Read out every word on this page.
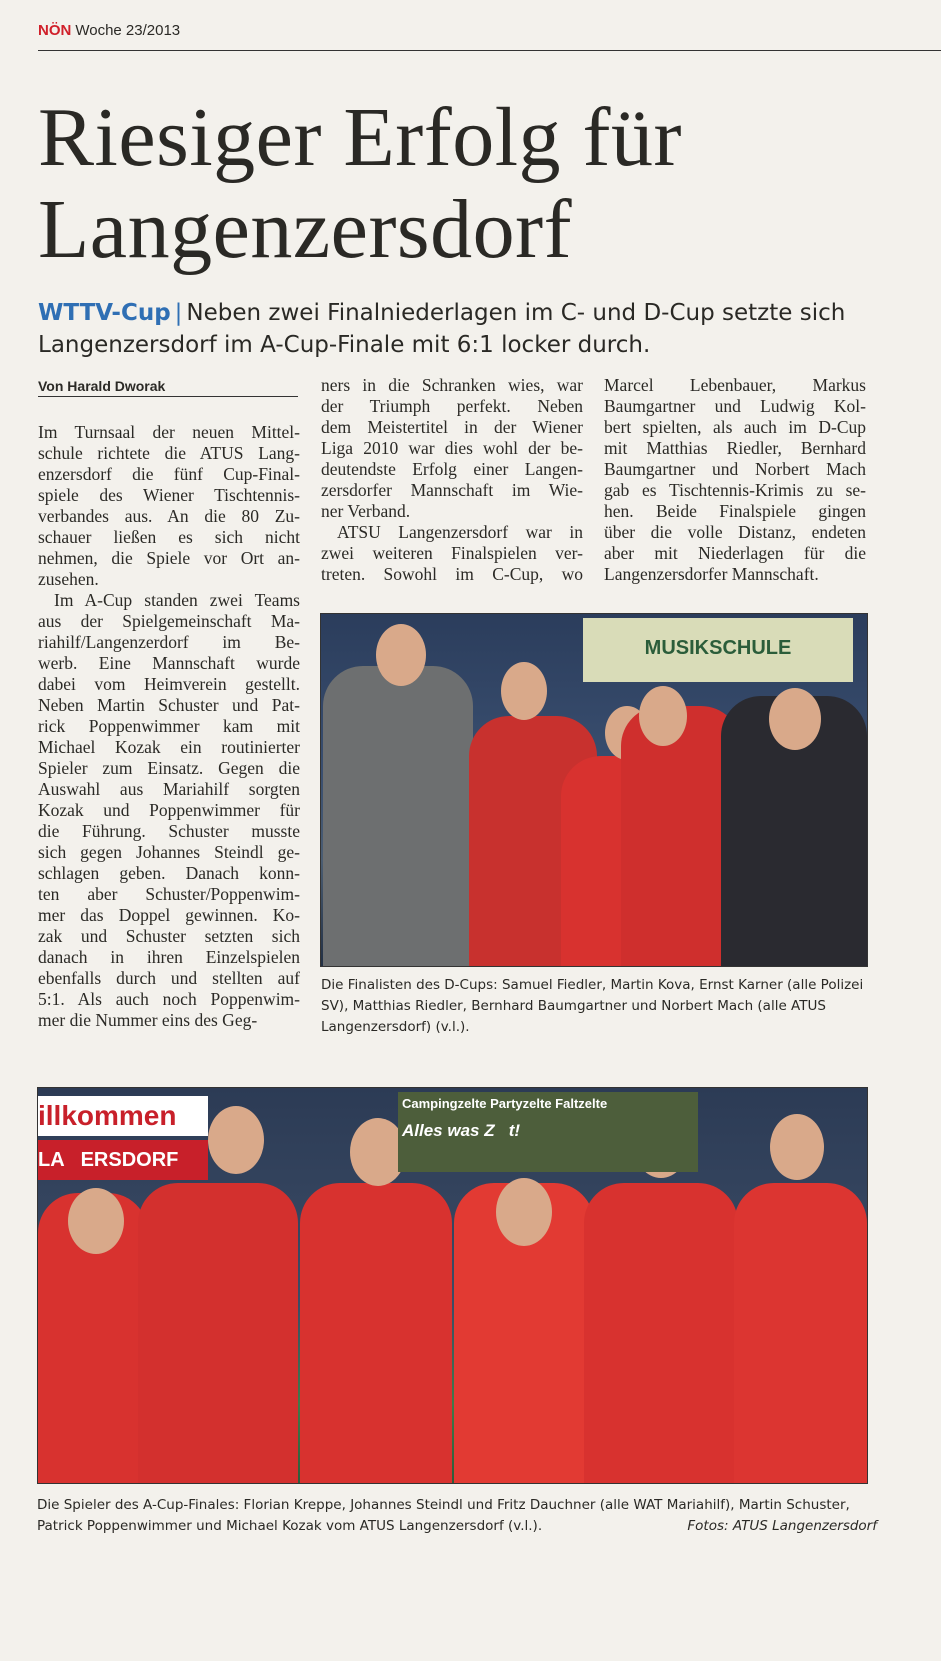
NÖN Woche 23/2013
Riesiger Erfolg für
Langenzersdorf
WTTV-Cup | Neben zwei Finalniederlagen im C- und D-Cup setzte sich Langenzersdorf im A-Cup-Finale mit 6:1 locker durch.
Von Harald Dworak
Im Turnsaal der neuen Mittel-
schule richtete die ATUS Lang-
enzersdorf die fünf Cup-Final-
spiele des Wiener Tischtennis-
verbandes aus. An die 80 Zu-
schauer ließen es sich nicht
nehmen, die Spiele vor Ort an-
zusehen.
Im A-Cup standen zwei Teams
aus der Spielgemeinschaft Ma-
riahilf/Langenzerdorf im Be-
werb. Eine Mannschaft wurde
dabei vom Heimverein gestellt.
Neben Martin Schuster und Pat-
rick Poppenwimmer kam mit
Michael Kozak ein routinierter
Spieler zum Einsatz. Gegen die
Auswahl aus Mariahilf sorgten
Kozak und Poppenwimmer für
die Führung. Schuster musste
sich gegen Johannes Steindl ge-
schlagen geben. Danach konn-
ten aber Schuster/Poppenwim-
mer das Doppel gewinnen. Ko-
zak und Schuster setzten sich
danach in ihren Einzelspielen
ebenfalls durch und stellten auf
5:1. Als auch noch Poppenwim-
mer die Nummer eins des Geg-
ners in die Schranken wies, war
der Triumph perfekt. Neben
dem Meistertitel in der Wiener
Liga 2010 war dies wohl der be-
deutendste Erfolg einer Langen-
zersdorfer Mannschaft im Wie-
ner Verband.
ATSU Langenzersdorf war in
zwei weiteren Finalspielen ver-
treten. Sowohl im C-Cup, wo
Marcel Lebenbauer, Markus
Baumgartner und Ludwig Kol-
bert spielten, als auch im D-Cup
mit Matthias Riedler, Bernhard
Baumgartner und Norbert Mach
gab es Tischtennis-Krimis zu se-
hen. Beide Finalspiele gingen
über die volle Distanz, endeten
aber mit Niederlagen für die
Langenzersdorfer Mannschaft.
MUSIKSCHULE
Die Finalisten des D-Cups: Samuel Fiedler, Martin Kova, Ernst Karner (alle Polizei SV), Matthias Riedler, Bernhard Baumgartner und Norbert Mach (alle ATUS Langenzersdorf) (v.l.).
illkommen
LA   ERSDORF
Campingzelte Partyzelte Faltzelte
Alles was Z   t!
Die Spieler des A-Cup-Finales: Florian Kreppe, Johannes Steindl und Fritz Dauchner (alle WAT Mariahilf), Martin Schuster, Patrick Poppenwimmer und Michael Kozak vom ATUS Langenzersdorf (v.l.).	Fotos: ATUS Langenzersdorf
